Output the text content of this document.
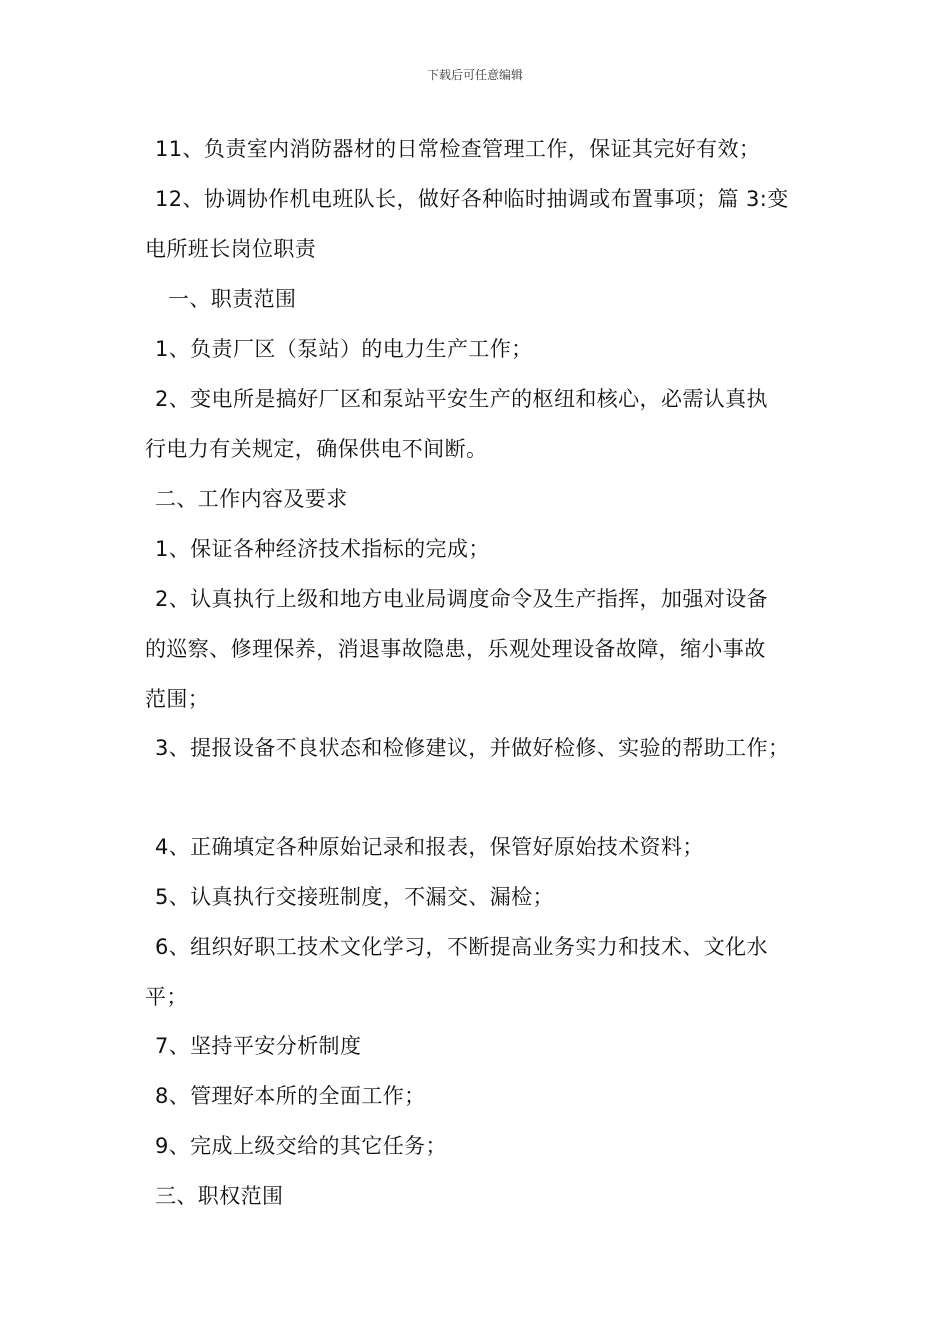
下载后可任意编辑
11、负责室内消防器材的日常检查管理工作，保证其完好有效；
12、协调协作机电班队长，做好各种临时抽调或布置事项；篇 3:变
电所班长岗位职责
一、职责范围
1、负责厂区（泵站）的电力生产工作；
2、变电所是搞好厂区和泵站平安生产的枢纽和核心，必需认真执
行电力有关规定，确保供电不间断。
二、工作内容及要求
1、保证各种经济技术指标的完成；
2、认真执行上级和地方电业局调度命令及生产指挥，加强对设备
的巡察、修理保养，消退事故隐患，乐观处理设备故障，缩小事故
范围；
3、提报设备不良状态和检修建议，并做好检修、实验的帮助工作；
4、正确填定各种原始记录和报表，保管好原始技术资料；
5、认真执行交接班制度，不漏交、漏检；
6、组织好职工技术文化学习，不断提高业务实力和技术、文化水
平；
7、坚持平安分析制度
8、管理好本所的全面工作；
9、完成上级交给的其它任务；
三、职权范围
